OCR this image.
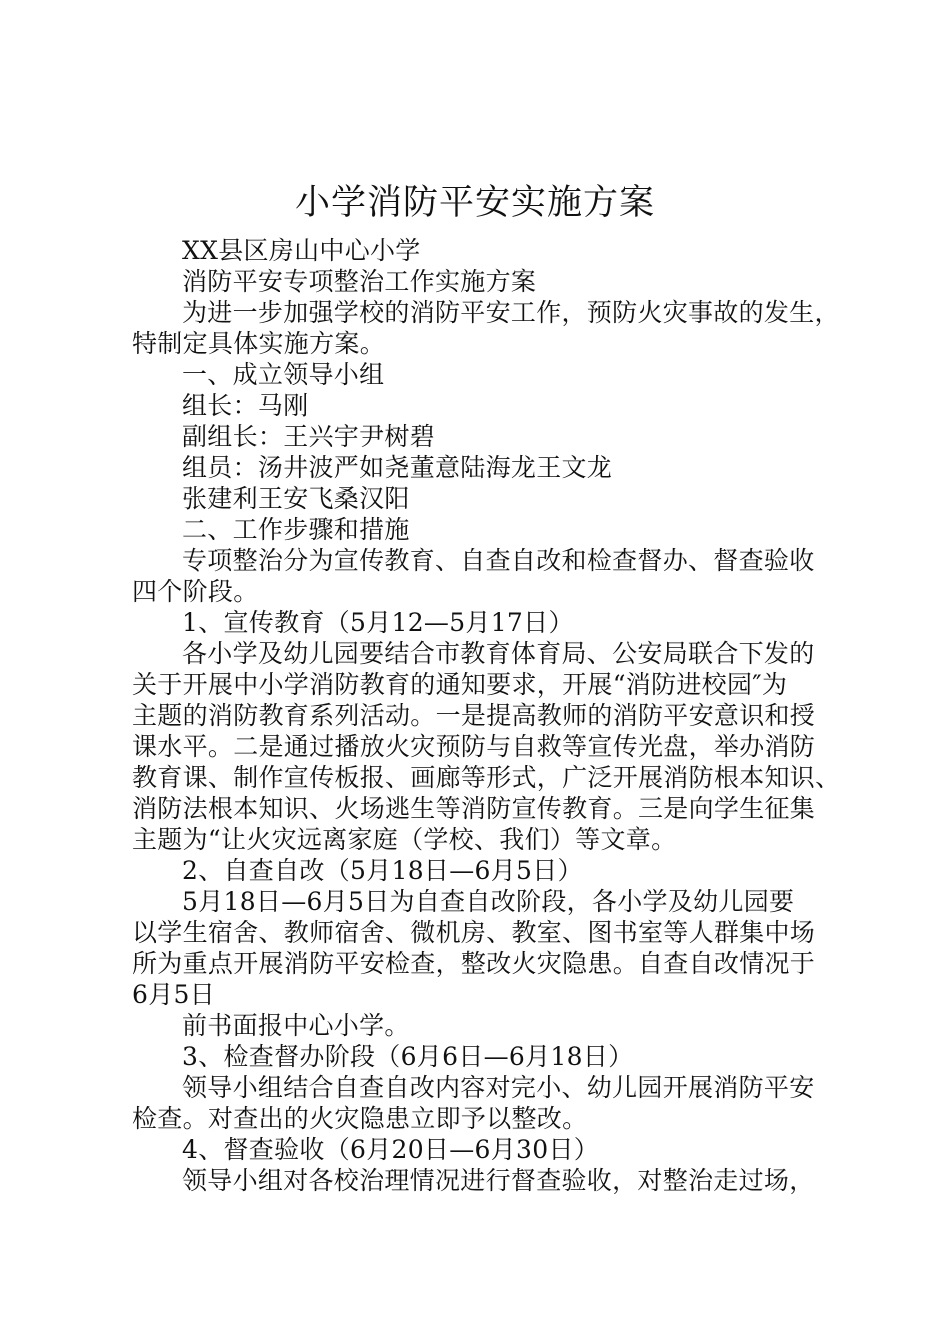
小学消防平安实施方案
XX县区房山中心小学
消防平安专项整治工作实施方案
为进一步加强学校的消防平安工作，预防火灾事故的发生，
特制定具体实施方案。
一、成立领导小组
组长：马刚
副组长：王兴宇尹树碧
组员：汤井波严如尧董意陆海龙王文龙
张建利王安飞桑汉阳
二、工作步骤和措施
专项整治分为宣传教育、自查自改和检查督办、督查验收
四个阶段。
1、宣传教育（5月12—5月17日）
各小学及幼儿园要结合市教育体育局、公安局联合下发的
关于开展中小学消防教育的通知要求，开展“消防进校园″为
主题的消防教育系列活动。一是提高教师的消防平安意识和授
课水平。二是通过播放火灾预防与自救等宣传光盘，举办消防
教育课、制作宣传板报、画廊等形式，广泛开展消防根本知识、
消防法根本知识、火场逃生等消防宣传教育。三是向学生征集
主题为“让火灾远离家庭（学校、我们）等文章。
2、自查自改（5月18日—6月5日）
5月18日—6月5日为自查自改阶段，各小学及幼儿园要
以学生宿舍、教师宿舍、微机房、教室、图书室等人群集中场
所为重点开展消防平安检查，整改火灾隐患。自查自改情况于
6月5日
前书面报中心小学。
3、检查督办阶段（6月6日—6月18日）
领导小组结合自查自改内容对完小、幼儿园开展消防平安
检查。对查出的火灾隐患立即予以整改。
4、督查验收（6月20日—6月30日）
领导小组对各校治理情况进行督查验收，对整治走过场，
